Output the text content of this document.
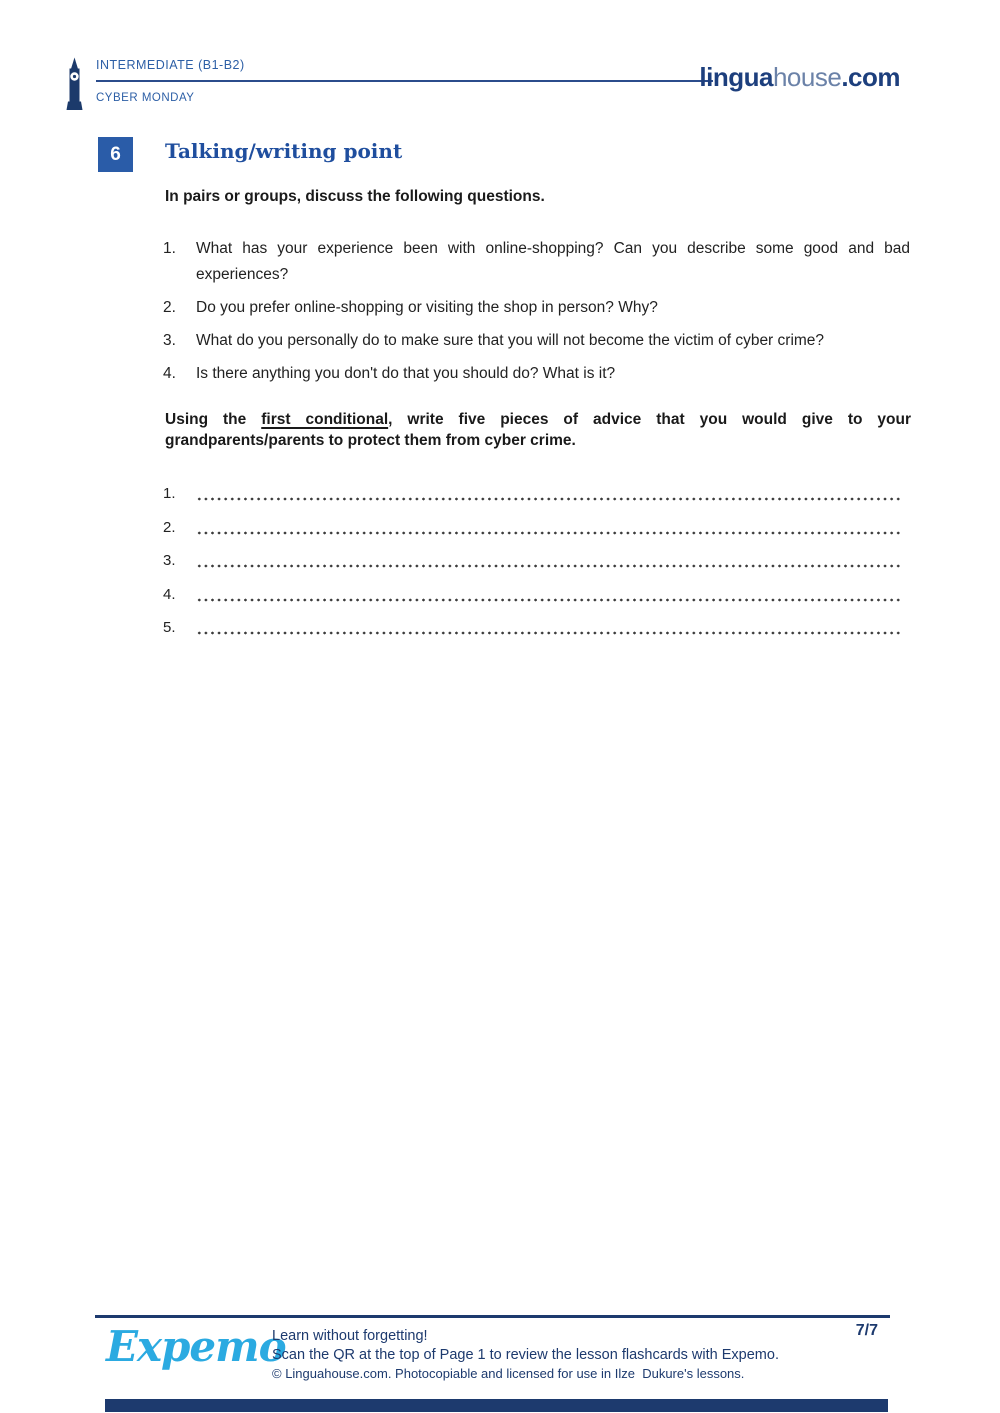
INTERMEDIATE (B1-B2)
CYBER MONDAY
linguahouse.com
6	Talking/writing point
In pairs or groups, discuss the following questions.
1.	What has your experience been with online-shopping? Can you describe some good and bad experiences?
2.	Do you prefer online-shopping or visiting the shop in person? Why?
3.	What do you personally do to make sure that you will not become the victim of cyber crime?
4.	Is there anything you don't do that you should do? What is it?
Using the first conditional, write five pieces of advice that you would give to your grandparents/parents to protect them from cyber crime.
1.
2.
3.
4.
5.
Expemo
Learn without forgetting!
Scan the QR at the top of Page 1 to review the lesson flashcards with Expemo.
© Linguahouse.com. Photocopiable and licensed for use in Ilze  Dukure's lessons.
7/7
